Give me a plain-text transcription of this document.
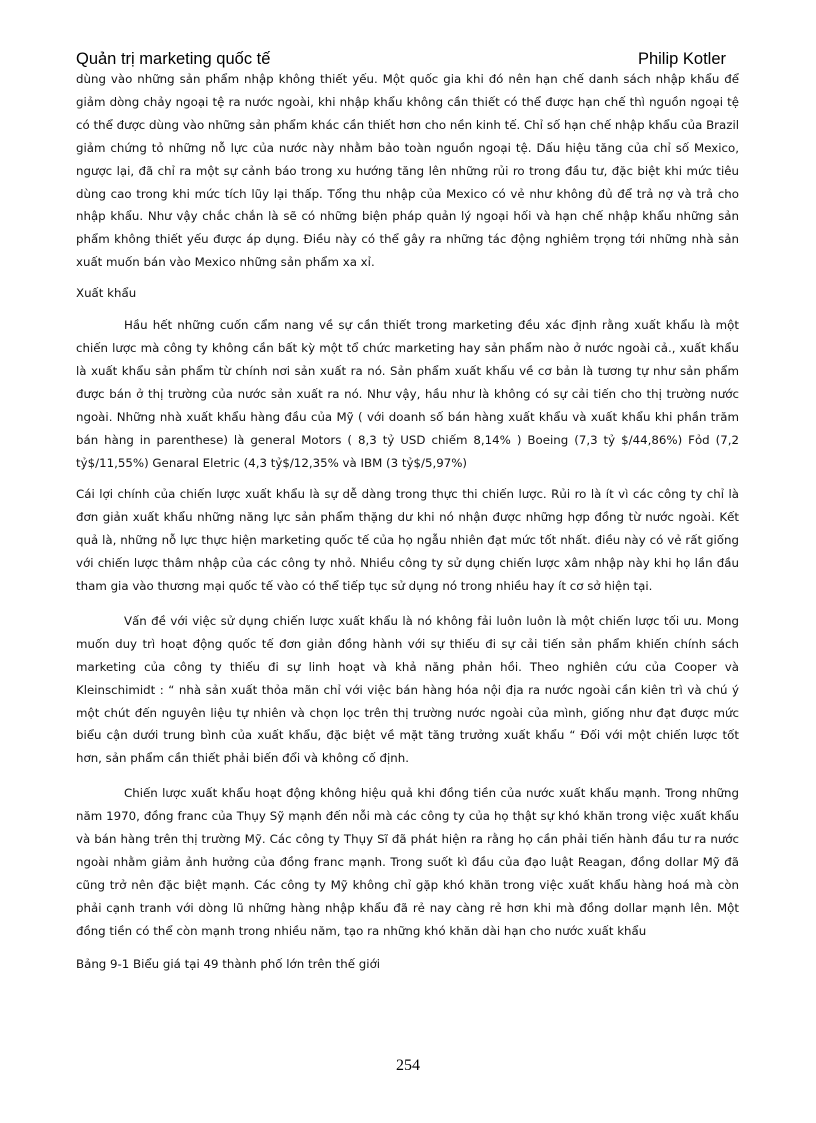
Quản trị marketing quốc tế	Philip Kotler

dùng vào những sản phẩm nhập không thiết yếu. Một quốc gia khi đó nên hạn chế danh sách nhập khẩu để giảm dòng chảy ngoại tệ ra nước ngoài, khi nhập khẩu không cần thiết có thể được hạn chế thì nguồn ngoại tệ có thể được dùng vào những sản phẩm khác cần thiết hơn cho nền kinh tế. Chỉ số hạn chế nhập khẩu của Brazil giảm chứng tỏ những nỗ lực của nước này nhằm bảo toàn nguồn ngoại tệ. Dấu hiệu tăng của chỉ số Mexico, ngược lại, đã chỉ ra một sự cảnh báo trong xu hướng tăng lên những rủi ro trong đầu tư, đặc biệt khi mức tiêu dùng cao trong khi mức tích lũy lại thấp. Tổng thu nhập của Mexico có vẻ như không đủ để trả nợ và trả cho nhập khẩu. Như vậy chắc chắn là sẽ có những biện pháp quản lý ngoại hối và hạn chế nhập khẩu những sản phẩm không thiết yếu được áp dụng. Điều này có thể gây ra những tác động nghiêm trọng tới những nhà sản xuất muốn bán vào Mexico những sản phẩm xa xỉ.

Xuất khẩu

Hầu hết những cuốn cẩm nang về sự cần thiết trong marketing đều xác định rằng xuất khẩu là một chiến lược mà công ty không cần bất kỳ một tổ chức marketing hay sản phẩm nào ở nước ngoài cả., xuất khẩu là xuất khẩu sản phẩm từ chính nơi sản xuất ra nó. Sản phẩm xuất khẩu về cơ bản là tương tự như sản phẩm được bán ở thị trường của nước sản xuất ra nó. Như vậy, hầu như là không có sự cải tiến cho thị trường nước ngoài. Những nhà xuất khẩu hàng đầu của Mỹ ( với doanh số bán hàng xuất khẩu và xuất khẩu khi phần trăm bán hàng in parenthese) là general Motors ( 8,3 tỷ USD chiếm 8,14% ) Boeing (7,3 tỷ $/44,86%) Fỏd (7,2 tỷ$/11,55%) Genaral Eletric (4,3 tỷ$/12,35% và IBM (3 tỷ$/5,97%)

Cái lợi chính của chiến lược xuất khẩu là sự dễ dàng trong thực thi chiến lược. Rủi ro là ít vì các công ty chỉ là đơn giản xuất khẩu những năng lực sản phẩm thặng dư khi nó nhận được những hợp đồng từ nước ngoài. Kết quả là, những nỗ lực thực hiện marketing quốc tế của họ ngẫu nhiên đạt mức tốt nhất. điều này có vẻ rất giống với chiến lược thâm nhập của các công ty nhỏ. Nhiều công ty sử dụng chiến lược xâm nhập này khi họ lần đầu tham gia vào thương mại quốc tế vào có thể tiếp tục sử dụng nó trong nhiều hay ít cơ sở hiện tại.

Vấn đề với việc sử dụng chiến lược xuất khẩu là nó không fải luôn luôn là một chiến lược tối ưu. Mong muốn duy trì hoạt động quốc tế đơn giản đồng hành với sự thiếu đi sự cải tiến sản phẩm khiến chính sách marketing của công ty thiếu đi sự linh hoạt và khả năng phản hồi. Theo nghiên cứu của Cooper và Kleinschimidt : “ nhà sản xuất thỏa mãn chỉ với việc bán hàng hóa nội địa ra nước ngoài cần kiên trì và chú ý một chút đến nguyên liệu tự nhiên và chọn lọc trên thị trường nước ngoài của mình, giống như đạt được mức biểu cận dưới trung bình của xuất khẩu, đặc biệt về mặt tăng trưởng xuất khẩu “ Đối với một chiến lược tốt hơn, sản phẩm cần thiết phải biến đổi và không cố định.

Chiến lược xuất khẩu hoạt động không hiệu quả khi đồng tiền của nước xuất khẩu mạnh. Trong những năm 1970, đồng franc của Thụy Sỹ mạnh đến nỗi mà các công ty của họ thật sự khó khăn trong việc xuất khẩu và bán hàng trên thị trường Mỹ. Các công ty Thụy Sĩ đã phát hiện ra rằng họ cần phải tiến hành đầu tư ra nước ngoài nhằm giảm ảnh hưởng của đồng franc mạnh. Trong suốt kì đầu của đạo luật Reagan, đồng dollar Mỹ đã cũng trở nên đặc biệt mạnh. Các công ty Mỹ không chỉ gặp khó khăn trong việc xuất khẩu hàng hoá mà còn phải cạnh tranh với dòng lũ những hàng nhập khẩu đã rẻ nay càng rẻ hơn khi mà đồng dollar mạnh lên. Một đồng tiền có thể còn mạnh trong nhiều năm, tạo ra những khó khăn dài hạn cho nước xuất khẩu

Bảng 9-1 Biểu giá tại 49 thành phố lớn trên thế giới

254
